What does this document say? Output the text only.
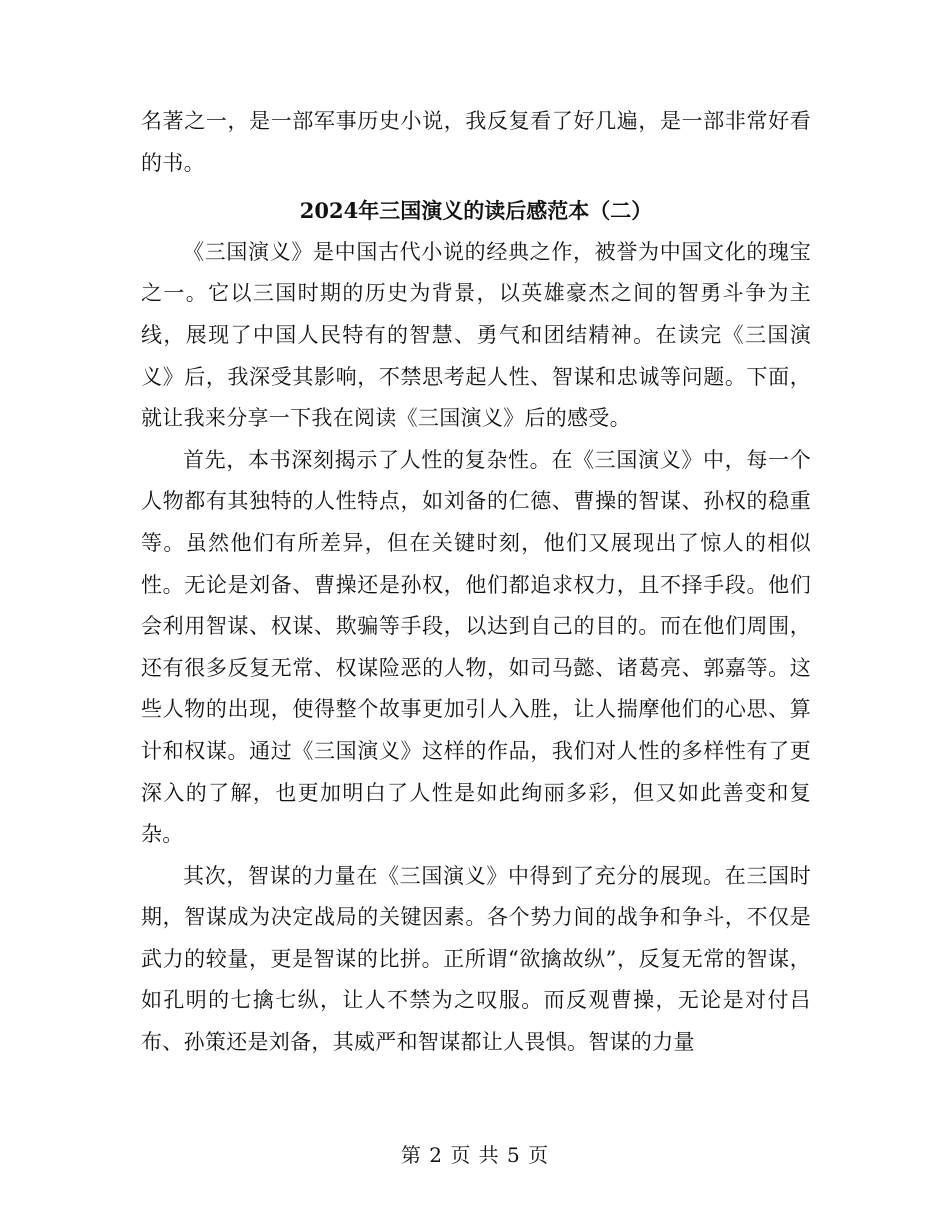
名著之一，是一部军事历史小说，我反复看了好几遍，是一部非常好看的书。

2024年三国演义的读后感范本（二）

《三国演义》是中国古代小说的经典之作，被誉为中国文化的瑰宝之一。它以三国时期的历史为背景，以英雄豪杰之间的智勇斗争为主线，展现了中国人民特有的智慧、勇气和团结精神。在读完《三国演义》后，我深受其影响，不禁思考起人性、智谋和忠诚等问题。下面，就让我来分享一下我在阅读《三国演义》后的感受。

首先，本书深刻揭示了人性的复杂性。在《三国演义》中，每一个人物都有其独特的人性特点，如刘备的仁德、曹操的智谋、孙权的稳重等。虽然他们有所差异，但在关键时刻，他们又展现出了惊人的相似性。无论是刘备、曹操还是孙权，他们都追求权力，且不择手段。他们会利用智谋、权谋、欺骗等手段，以达到自己的目的。而在他们周围，还有很多反复无常、权谋险恶的人物，如司马懿、诸葛亮、郭嘉等。这些人物的出现，使得整个故事更加引人入胜，让人揣摩他们的心思、算计和权谋。通过《三国演义》这样的作品，我们对人性的多样性有了更深入的了解，也更加明白了人性是如此绚丽多彩，但又如此善变和复杂。

其次，智谋的力量在《三国演义》中得到了充分的展现。在三国时期，智谋成为决定战局的关键因素。各个势力间的战争和争斗，不仅是武力的较量，更是智谋的比拼。正所谓“欲擒故纵”，反复无常的智谋，如孔明的七擒七纵，让人不禁为之叹服。而反观曹操，无论是对付吕布、孙策还是刘备，其威严和智谋都让人畏惧。智谋的力量

第 2 页 共 5 页
